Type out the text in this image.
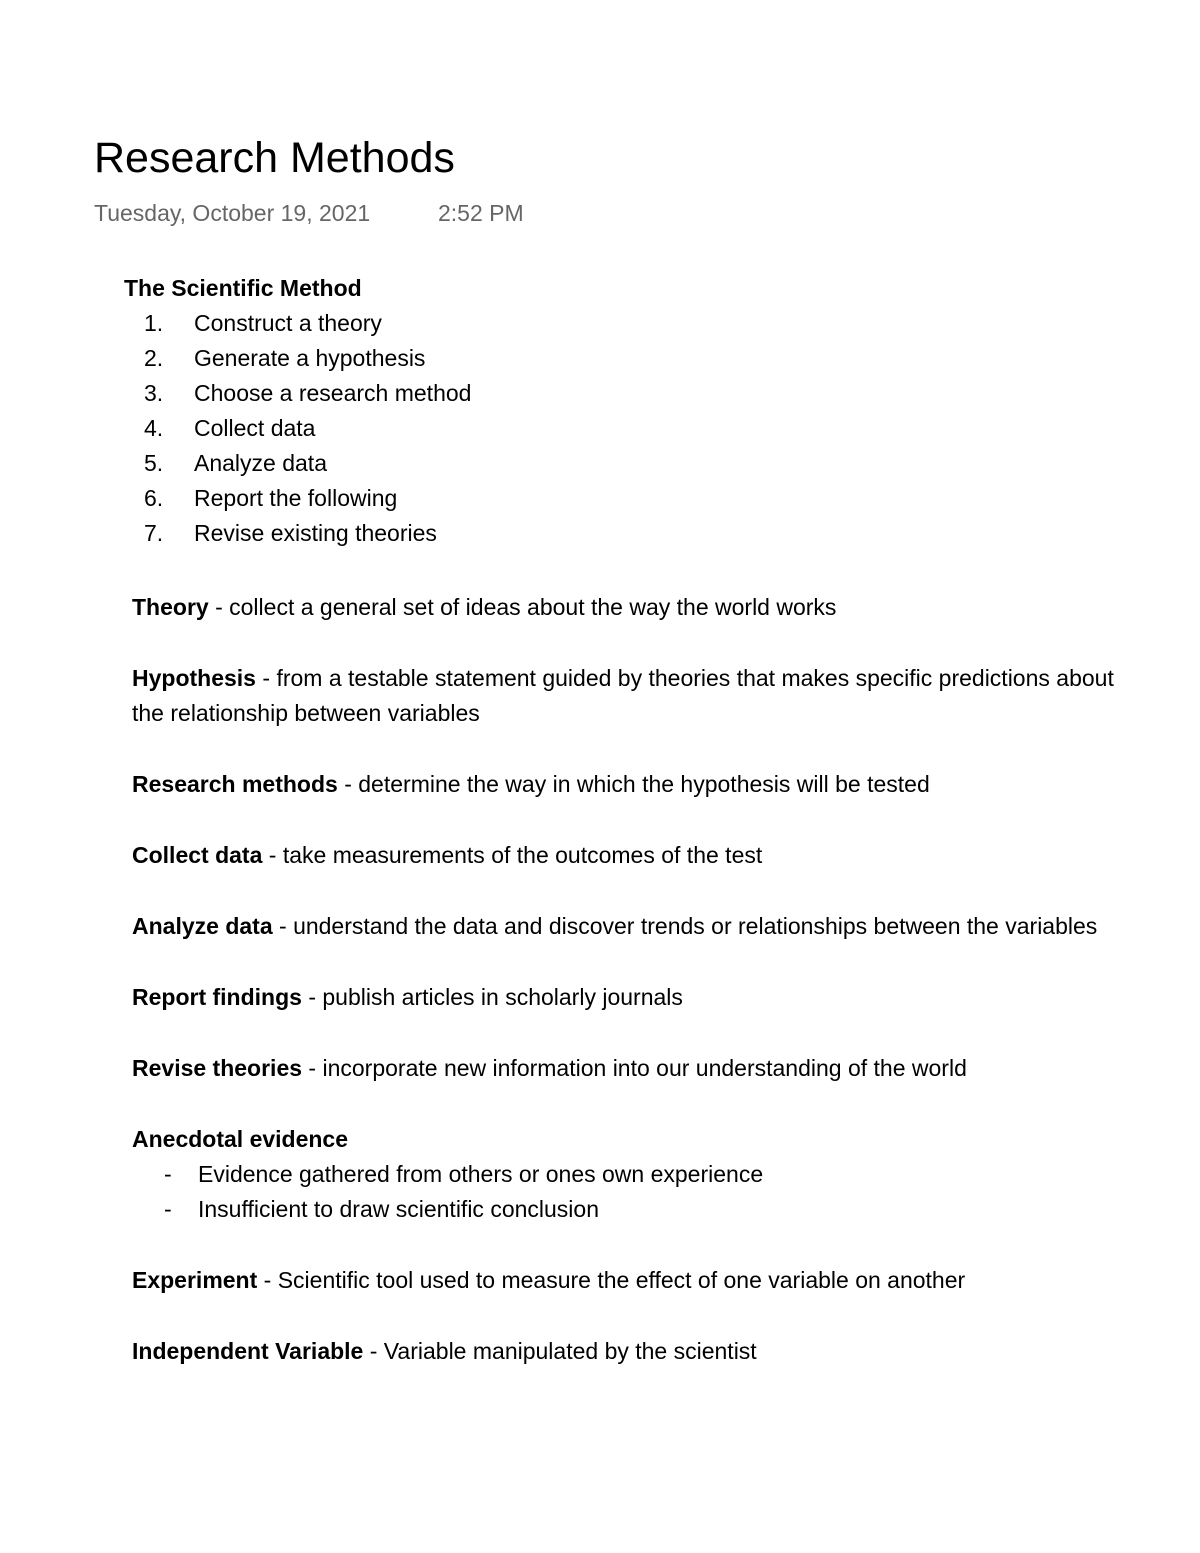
Research Methods
Tuesday, October 19, 2021	2:52 PM
The Scientific Method
1. Construct a theory
2. Generate a hypothesis
3. Choose a research method
4. Collect data
5. Analyze data
6. Report the following
7. Revise existing theories

Theory - collect a general set of ideas about the way the world works

Hypothesis - from a testable statement guided by theories that makes specific predictions about the relationship between variables

Research methods - determine the way in which the hypothesis will be tested

Collect data - take measurements of the outcomes of the test

Analyze data - understand the data and discover trends or relationships between the variables

Report findings - publish articles in scholarly journals

Revise theories - incorporate new information into our understanding of the world

Anecdotal evidence

- Evidence gathered from others or ones own experience
- Insufficient to draw scientific conclusion

Experiment - Scientific tool used to measure the effect of one variable on another

Independent Variable - Variable manipulated by the scientist
